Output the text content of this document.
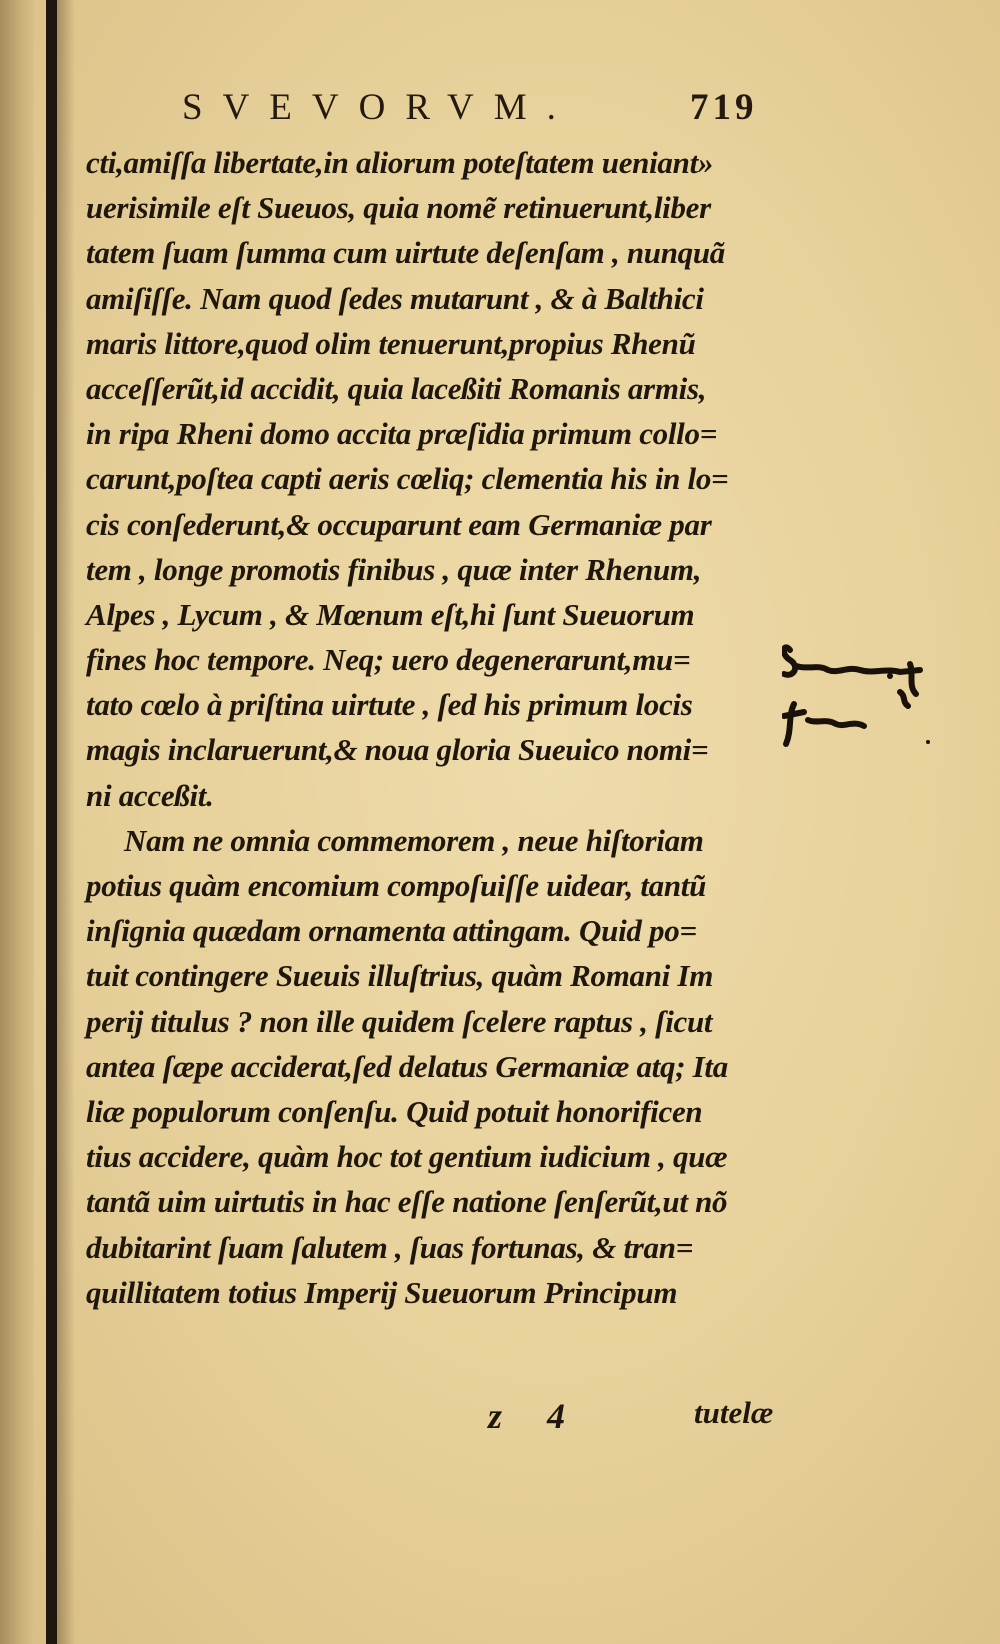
SVEVORVM.	719
cti,amiſſa libertate,in aliorum poteſtatem ueniant»
uerisimile eſt Sueuos, quia nomẽ retinuerunt,liber
tatem ſuam ſumma cum uirtute deſenſam , nunquã
amiſiſſe. Nam quod ſedes mutarunt , & à Balthici
maris littore,quod olim tenuerunt,propius Rhenũ
acceſſerũt,id accidit, quia laceßiti Romanis armis,
in ripa Rheni domo accita præſidia primum collo=
carunt,poſtea capti aeris cœliq; clementia his in lo=
cis conſederunt,& occuparunt eam Germaniæ par
tem , longe promotis finibus , quæ inter Rhenum,
Alpes , Lycum , & Mœnum eſt,hi ſunt Sueuorum
fines hoc tempore. Neq; uero degenerarunt,mu=
tato cœlo à priſtina uirtute , ſed his primum locis
magis inclaruerunt,& noua gloria Sueuico nomi=
ni acceßit.
Nam ne omnia commemorem , neue hiſtoriam
potius quàm encomium compoſuiſſe uidear, tantũ
inſignia quædam ornamenta attingam. Quid po=
tuit contingere Sueuis illuſtrius, quàm Romani Im
perij titulus ? non ille quidem ſcelere raptus , ſicut
antea ſæpe acciderat,ſed delatus Germaniæ atq; Ita
liæ populorum conſenſu. Quid potuit honorificen
tius accidere, quàm hoc tot gentium iudicium , quæ
tantã uim uirtutis in hac eſſe natione ſenſerũt,ut nõ
dubitarint ſuam ſalutem , ſuas fortunas, & tran=
quillitatem totius Imperij Sueuorum Principum
z 4	tutelæ
